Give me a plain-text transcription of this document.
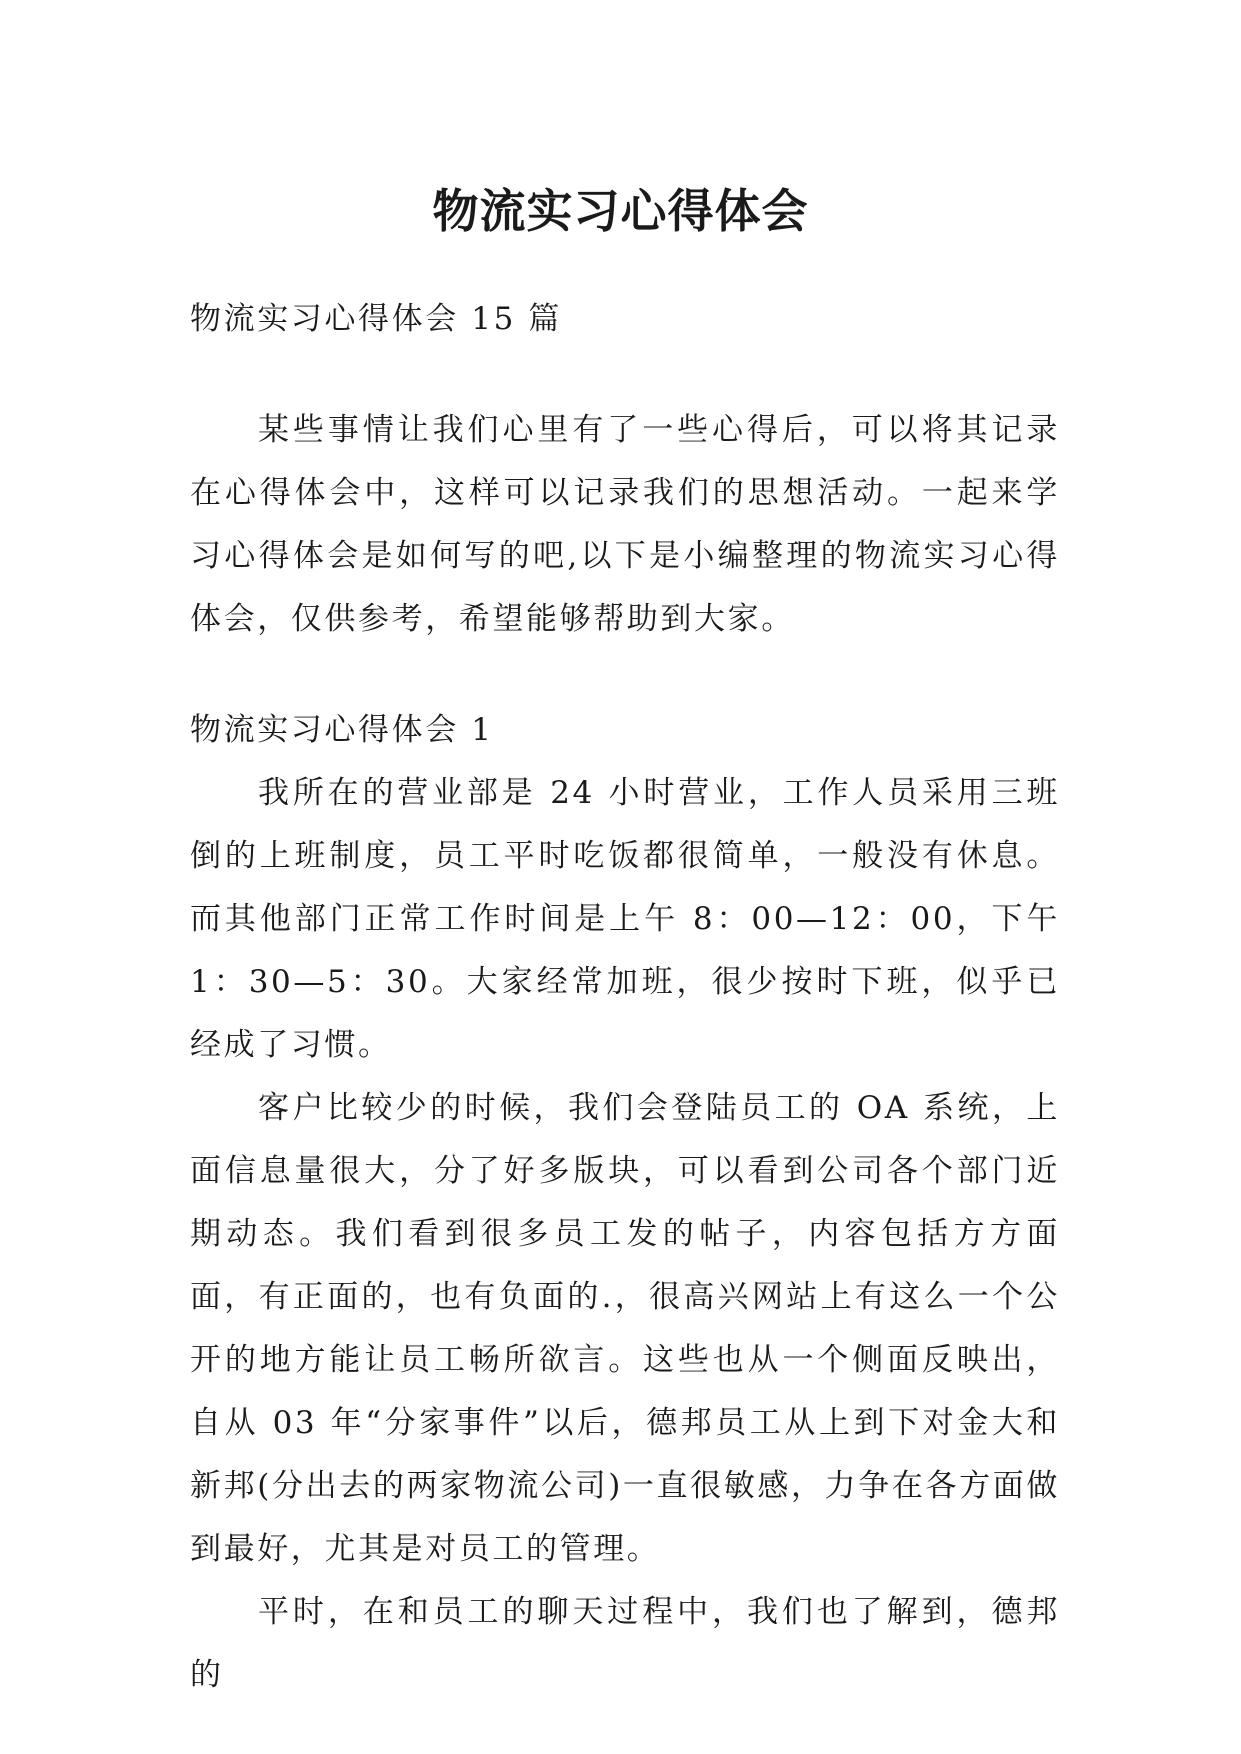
物流实习心得体会

物流实习心得体会 15 篇

某些事情让我们心里有了一些心得后，可以将其记录在心得体会中，这样可以记录我们的思想活动。一起来学习心得体会是如何写的吧,以下是小编整理的物流实习心得体会，仅供参考，希望能够帮助到大家。

物流实习心得体会 1

我所在的营业部是 24 小时营业，工作人员采用三班倒的上班制度，员工平时吃饭都很简单，一般没有休息。而其他部门正常工作时间是上午 8：00—12：00，下午 1：30—5：30。大家经常加班，很少按时下班，似乎已经成了习惯。

客户比较少的时候，我们会登陆员工的 OA 系统，上面信息量很大，分了好多版块，可以看到公司各个部门近期动态。我们看到很多员工发的帖子，内容包括方方面面，有正面的，也有负面的.，很高兴网站上有这么一个公开的地方能让员工畅所欲言。这些也从一个侧面反映出，自从 03 年“分家事件”以后，德邦员工从上到下对金大和新邦(分出去的两家物流公司)一直很敏感，力争在各方面做到最好，尤其是对员工的管理。

平时，在和员工的聊天过程中，我们也了解到，德邦的
